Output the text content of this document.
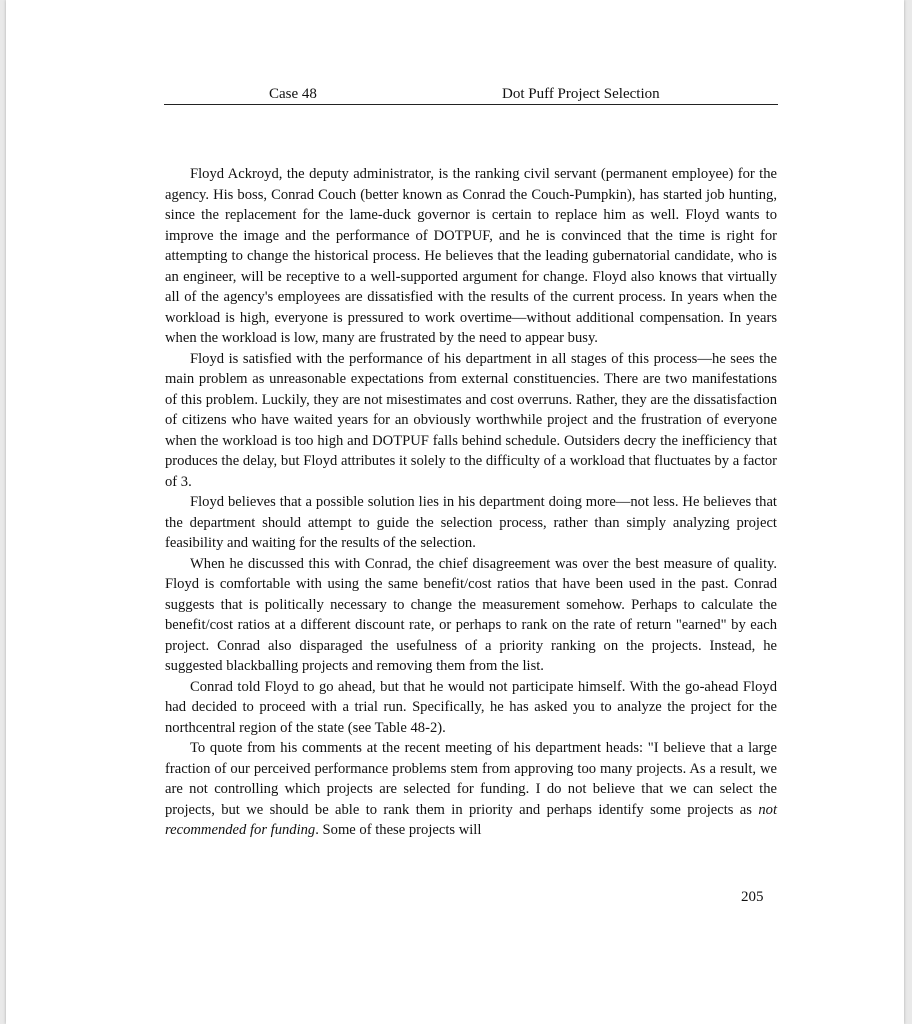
Case 48	Dot Puff Project Selection

Floyd Ackroyd, the deputy administrator, is the ranking civil servant (permanent employee) for the agency. His boss, Conrad Couch (better known as Conrad the Couch-Pumpkin), has started job hunting, since the replacement for the lame-duck governor is certain to replace him as well. Floyd wants to improve the image and the performance of DOTPUF, and he is convinced that the time is right for attempting to change the historical process. He believes that the leading gubernatorial candidate, who is an engineer, will be receptive to a well-supported argument for change. Floyd also knows that virtually all of the agency's employees are dissatisfied with the results of the current process. In years when the workload is high, everyone is pressured to work overtime—without additional compensation. In years when the workload is low, many are frustrated by the need to appear busy.

Floyd is satisfied with the performance of his department in all stages of this process—he sees the main problem as unreasonable expectations from external constituencies. There are two manifestations of this problem. Luckily, they are not misestimates and cost overruns. Rather, they are the dissatisfaction of citizens who have waited years for an obviously worthwhile project and the frustration of everyone when the workload is too high and DOTPUF falls behind schedule. Outsiders decry the inefficiency that produces the delay, but Floyd attributes it solely to the difficulty of a workload that fluctuates by a factor of 3.

Floyd believes that a possible solution lies in his department doing more—not less. He believes that the department should attempt to guide the selection process, rather than simply analyzing project feasibility and waiting for the results of the selection.

When he discussed this with Conrad, the chief disagreement was over the best measure of quality. Floyd is comfortable with using the same benefit/cost ratios that have been used in the past. Conrad suggests that is politically necessary to change the measurement somehow. Perhaps to calculate the benefit/cost ratios at a different discount rate, or perhaps to rank on the rate of return "earned" by each project. Conrad also disparaged the usefulness of a priority ranking on the projects. Instead, he suggested blackballing projects and removing them from the list.

Conrad told Floyd to go ahead, but that he would not participate himself. With the go-ahead Floyd had decided to proceed with a trial run. Specifically, he has asked you to analyze the project for the northcentral region of the state (see Table 48-2).

To quote from his comments at the recent meeting of his department heads: "I believe that a large fraction of our perceived performance problems stem from approving too many projects. As a result, we are not controlling which projects are selected for funding. I do not believe that we can select the projects, but we should be able to rank them in priority and perhaps identify some projects as not recommended for funding. Some of these projects will

205
